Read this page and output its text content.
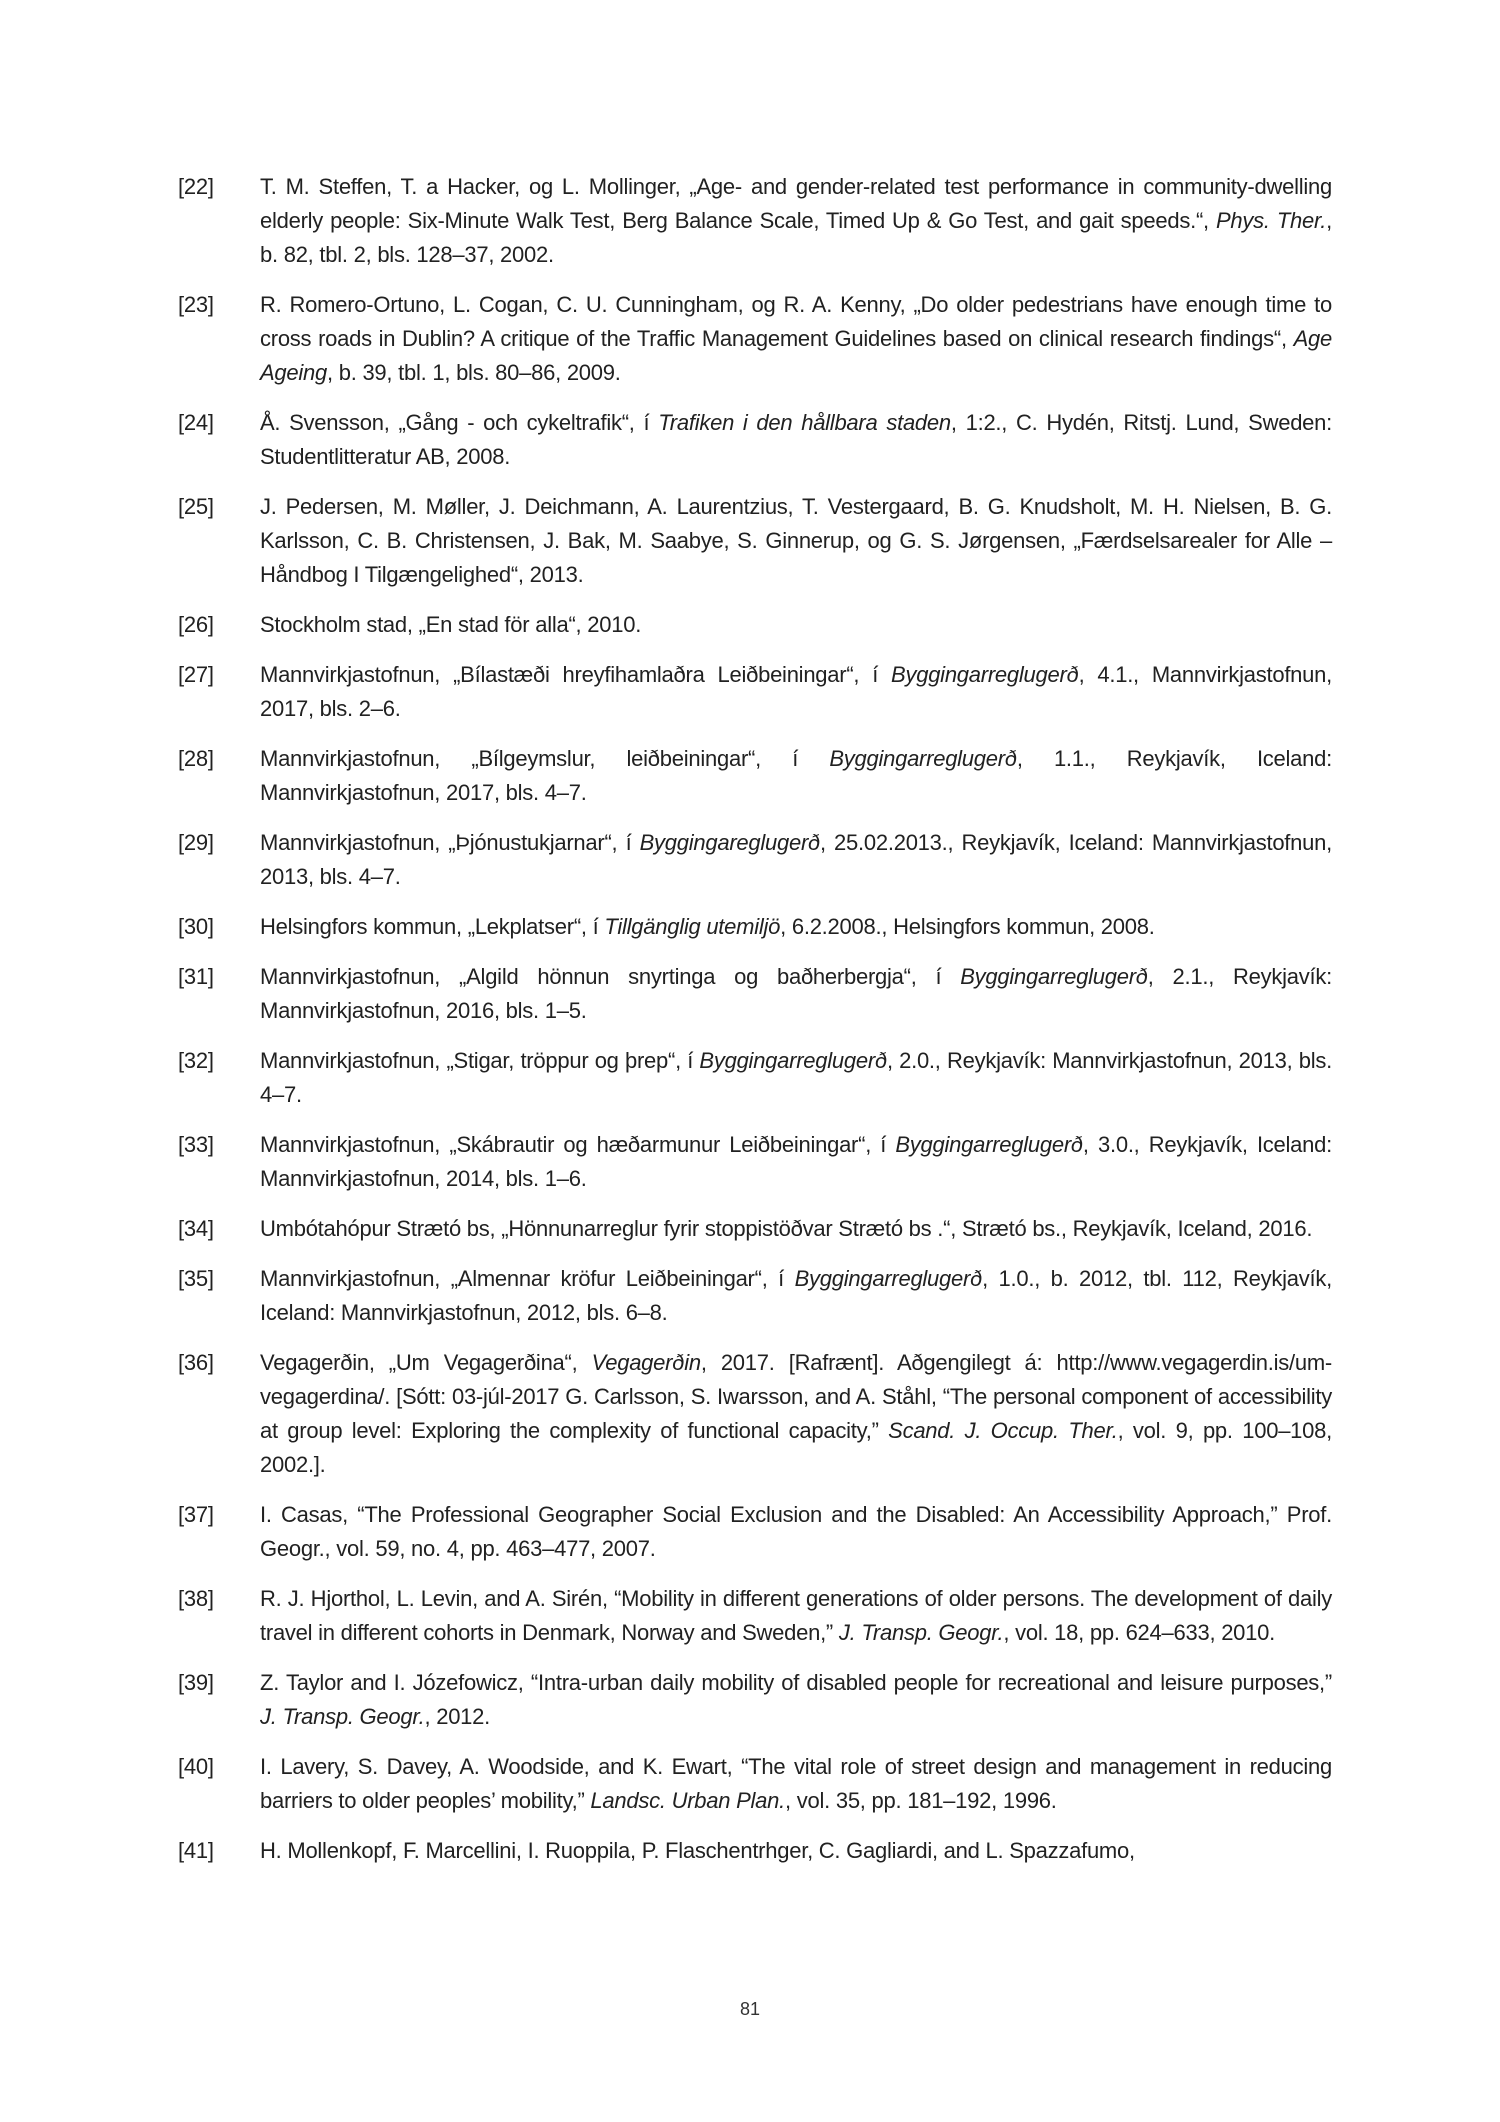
[22]	T. M. Steffen, T. a Hacker, og L. Mollinger, „Age- and gender-related test performance in community-dwelling elderly people: Six-Minute Walk Test, Berg Balance Scale, Timed Up & Go Test, and gait speeds.“, Phys. Ther., b. 82, tbl. 2, bls. 128–37, 2002.
[23]	R. Romero-Ortuno, L. Cogan, C. U. Cunningham, og R. A. Kenny, „Do older pedestrians have enough time to cross roads in Dublin? A critique of the Traffic Management Guidelines based on clinical research findings“, Age Ageing, b. 39, tbl. 1, bls. 80–86, 2009.
[24]	Å. Svensson, „Gång - och cykeltrafik“, í Trafiken i den hållbara staden, 1:2., C. Hydén, Ritstj. Lund, Sweden: Studentlitteratur AB, 2008.
[25]	J. Pedersen, M. Møller, J. Deichmann, A. Laurentzius, T. Vestergaard, B. G. Knudsholt, M. H. Nielsen, B. G. Karlsson, C. B. Christensen, J. Bak, M. Saabye, S. Ginnerup, og G. S. Jørgensen, „Færdselsarealer for Alle – Håndbog I Tilgængelighed“, 2013.
[26]	Stockholm stad, „En stad för alla“, 2010.
[27]	Mannvirkjastofnun, „Bílastæði hreyfihamlaðra Leiðbeiningar“, í Byggingarreglugerð, 4.1., Mannvirkjastofnun, 2017, bls. 2–6.
[28]	Mannvirkjastofnun, „Bílgeymslur, leiðbeiningar“, í Byggingarreglugerð, 1.1., Reykjavík, Iceland: Mannvirkjastofnun, 2017, bls. 4–7.
[29]	Mannvirkjastofnun, „Þjónustukjarnar“, í Byggingareglugerð, 25.02.2013., Reykjavík, Iceland: Mannvirkjastofnun, 2013, bls. 4–7.
[30]	Helsingfors kommun, „Lekplatser“, í Tillgänglig utemiljö, 6.2.2008., Helsingfors kommun, 2008.
[31]	Mannvirkjastofnun, „Algild hönnun snyrtinga og baðherbergja“, í Byggingarreglugerð, 2.1., Reykjavík: Mannvirkjastofnun, 2016, bls. 1–5.
[32]	Mannvirkjastofnun, „Stigar, tröppur og þrep“, í Byggingarreglugerð, 2.0., Reykjavík: Mannvirkjastofnun, 2013, bls. 4–7.
[33]	Mannvirkjastofnun, „Skábrautir og hæðarmunur Leiðbeiningar“, í Byggingarreglugerð, 3.0., Reykjavík, Iceland: Mannvirkjastofnun, 2014, bls. 1–6.
[34]	Umbótahópur Strætó bs, „Hönnunarreglur fyrir stoppistöðvar Strætó bs .“, Strætó bs., Reykjavík, Iceland, 2016.
[35]	Mannvirkjastofnun, „Almennar kröfur Leiðbeiningar“, í Byggingarreglugerð, 1.0., b. 2012, tbl. 112, Reykjavík, Iceland: Mannvirkjastofnun, 2012, bls. 6–8.
[36]	Vegagerðin, „Um Vegagerðina“, Vegagerðin, 2017. [Rafrænt]. Aðgengilegt á: http://www.vegagerdin.is/um-vegagerdina/. [Sótt: 03-júl-2017 G. Carlsson, S. Iwarsson, and A. Ståhl, “The personal component of accessibility at group level: Exploring the complexity of functional capacity,” Scand. J. Occup. Ther., vol. 9, pp. 100–108, 2002.].
[37]	I. Casas, “The Professional Geographer Social Exclusion and the Disabled: An Accessibility Approach,” Prof. Geogr., vol. 59, no. 4, pp. 463–477, 2007.
[38]	R. J. Hjorthol, L. Levin, and A. Sirén, “Mobility in different generations of older persons. The development of daily travel in different cohorts in Denmark, Norway and Sweden,” J. Transp. Geogr., vol. 18, pp. 624–633, 2010.
[39]	Z. Taylor and I. Józefowicz, “Intra-urban daily mobility of disabled people for recreational and leisure purposes,” J. Transp. Geogr., 2012.
[40]	I. Lavery, S. Davey, A. Woodside, and K. Ewart, “The vital role of street design and management in reducing barriers to older peoples’ mobility,” Landsc. Urban Plan., vol. 35, pp. 181–192, 1996.
[41]	H. Mollenkopf, F. Marcellini, I. Ruoppila, P. Flaschentrhger, C. Gagliardi, and L. Spazzafumo,
81
